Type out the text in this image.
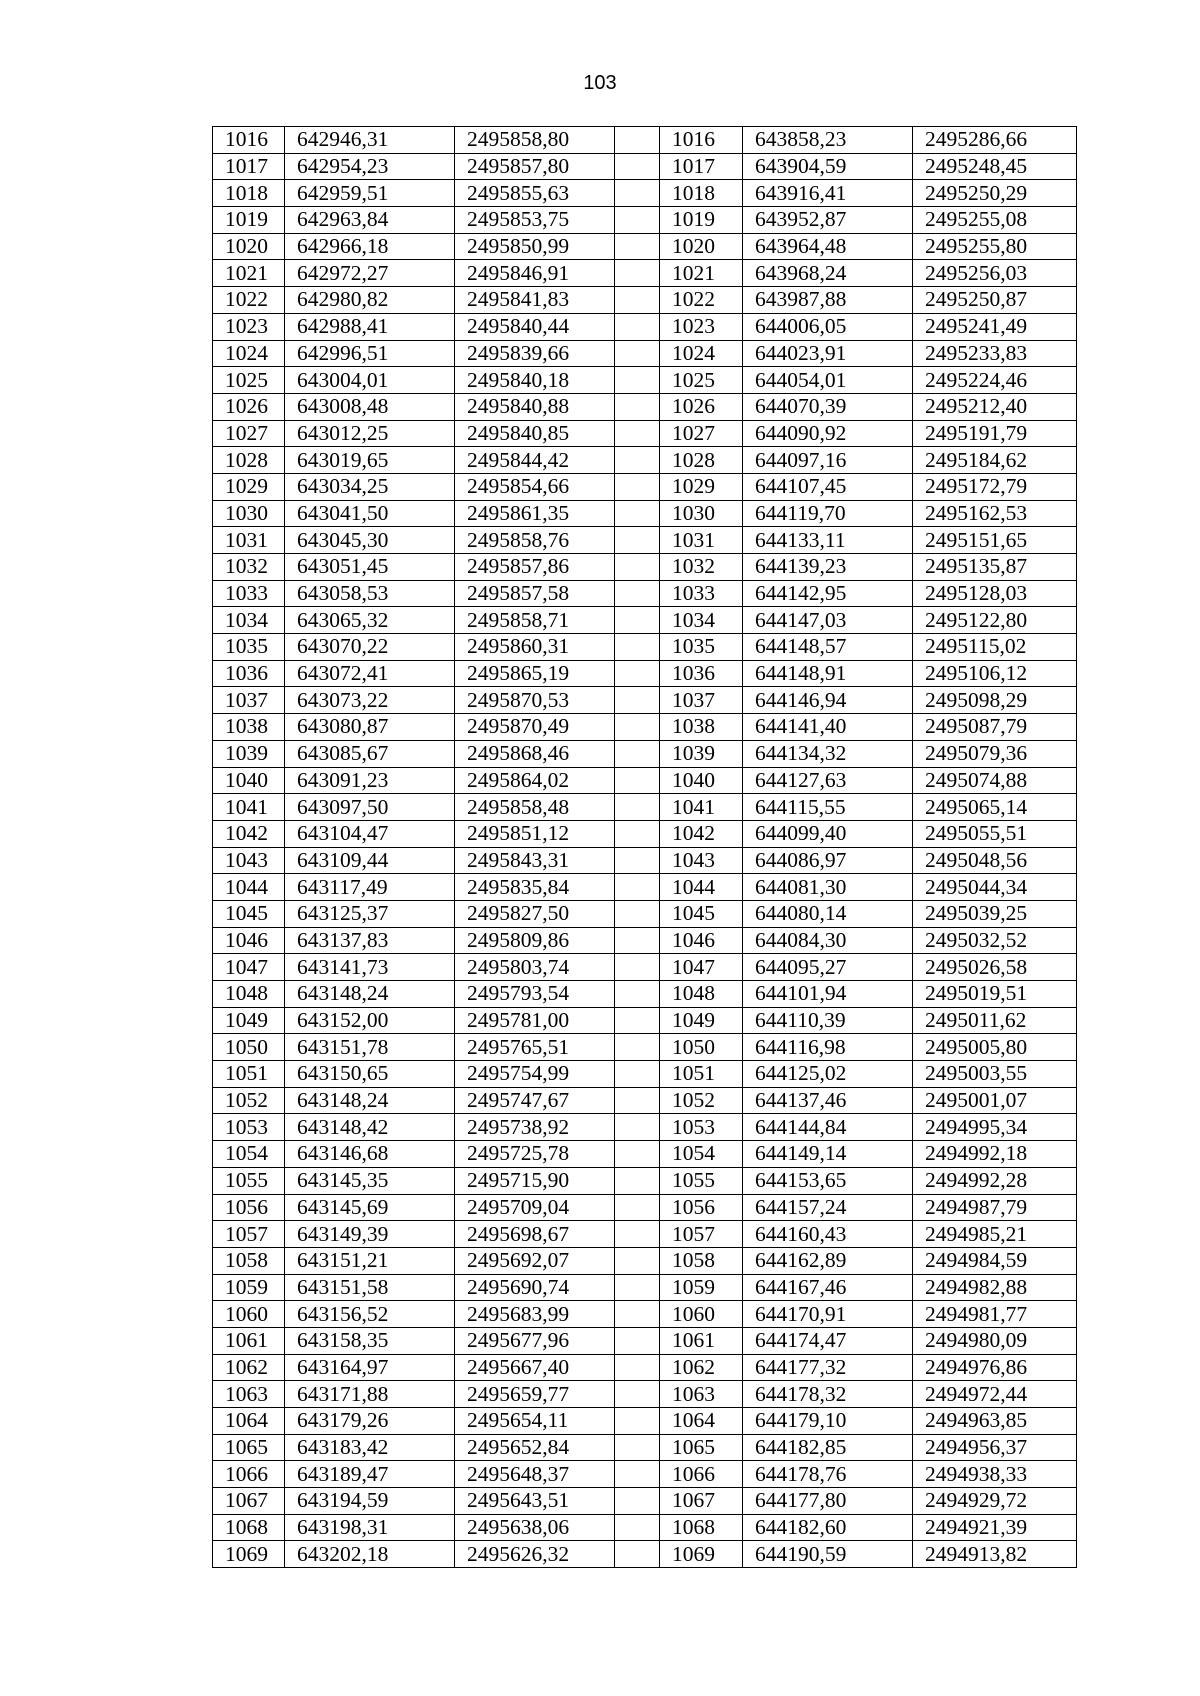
103
1016	642946,31	2495858,80		1016	643858,23	2495286,66
1017	642954,23	2495857,80		1017	643904,59	2495248,45
1018	642959,51	2495855,63		1018	643916,41	2495250,29
1019	642963,84	2495853,75		1019	643952,87	2495255,08
1020	642966,18	2495850,99		1020	643964,48	2495255,80
1021	642972,27	2495846,91		1021	643968,24	2495256,03
1022	642980,82	2495841,83		1022	643987,88	2495250,87
1023	642988,41	2495840,44		1023	644006,05	2495241,49
1024	642996,51	2495839,66		1024	644023,91	2495233,83
1025	643004,01	2495840,18		1025	644054,01	2495224,46
1026	643008,48	2495840,88		1026	644070,39	2495212,40
1027	643012,25	2495840,85		1027	644090,92	2495191,79
1028	643019,65	2495844,42		1028	644097,16	2495184,62
1029	643034,25	2495854,66		1029	644107,45	2495172,79
1030	643041,50	2495861,35		1030	644119,70	2495162,53
1031	643045,30	2495858,76		1031	644133,11	2495151,65
1032	643051,45	2495857,86		1032	644139,23	2495135,87
1033	643058,53	2495857,58		1033	644142,95	2495128,03
1034	643065,32	2495858,71		1034	644147,03	2495122,80
1035	643070,22	2495860,31		1035	644148,57	2495115,02
1036	643072,41	2495865,19		1036	644148,91	2495106,12
1037	643073,22	2495870,53		1037	644146,94	2495098,29
1038	643080,87	2495870,49		1038	644141,40	2495087,79
1039	643085,67	2495868,46		1039	644134,32	2495079,36
1040	643091,23	2495864,02		1040	644127,63	2495074,88
1041	643097,50	2495858,48		1041	644115,55	2495065,14
1042	643104,47	2495851,12		1042	644099,40	2495055,51
1043	643109,44	2495843,31		1043	644086,97	2495048,56
1044	643117,49	2495835,84		1044	644081,30	2495044,34
1045	643125,37	2495827,50		1045	644080,14	2495039,25
1046	643137,83	2495809,86		1046	644084,30	2495032,52
1047	643141,73	2495803,74		1047	644095,27	2495026,58
1048	643148,24	2495793,54		1048	644101,94	2495019,51
1049	643152,00	2495781,00		1049	644110,39	2495011,62
1050	643151,78	2495765,51		1050	644116,98	2495005,80
1051	643150,65	2495754,99		1051	644125,02	2495003,55
1052	643148,24	2495747,67		1052	644137,46	2495001,07
1053	643148,42	2495738,92		1053	644144,84	2494995,34
1054	643146,68	2495725,78		1054	644149,14	2494992,18
1055	643145,35	2495715,90		1055	644153,65	2494992,28
1056	643145,69	2495709,04		1056	644157,24	2494987,79
1057	643149,39	2495698,67		1057	644160,43	2494985,21
1058	643151,21	2495692,07		1058	644162,89	2494984,59
1059	643151,58	2495690,74		1059	644167,46	2494982,88
1060	643156,52	2495683,99		1060	644170,91	2494981,77
1061	643158,35	2495677,96		1061	644174,47	2494980,09
1062	643164,97	2495667,40		1062	644177,32	2494976,86
1063	643171,88	2495659,77		1063	644178,32	2494972,44
1064	643179,26	2495654,11		1064	644179,10	2494963,85
1065	643183,42	2495652,84		1065	644182,85	2494956,37
1066	643189,47	2495648,37		1066	644178,76	2494938,33
1067	643194,59	2495643,51		1067	644177,80	2494929,72
1068	643198,31	2495638,06		1068	644182,60	2494921,39
1069	643202,18	2495626,32		1069	644190,59	2494913,82
